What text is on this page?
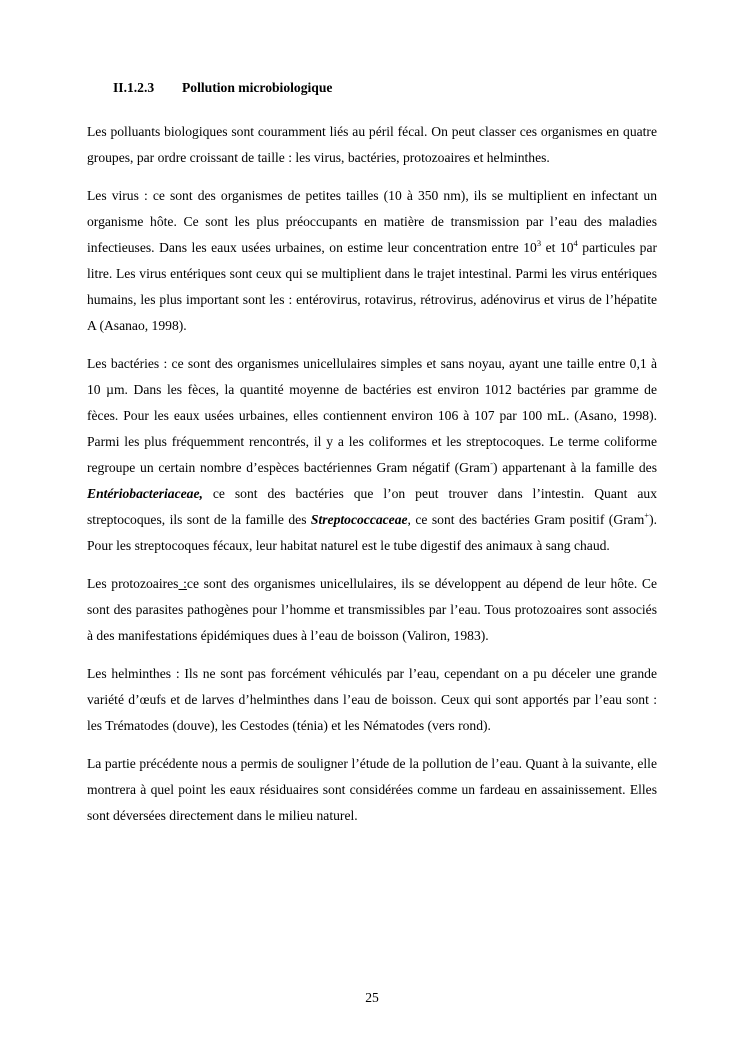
II.1.2.3 Pollution microbiologique

Les polluants biologiques sont couramment liés au péril fécal. On peut classer ces organismes en quatre groupes, par ordre croissant de taille : les virus, bactéries, protozoaires et helminthes.

Les virus : ce sont des organismes de petites tailles (10 à 350 nm), ils se multiplient en infectant un organisme hôte. Ce sont les plus préoccupants en matière de transmission par l’eau des maladies infectieuses. Dans les eaux usées urbaines, on estime leur concentration entre $10^3$ et $10^4$ particules par litre. Les virus entériques sont ceux qui se multiplient dans le trajet intestinal. Parmi les virus entériques humains, les plus important sont les : entérovirus, rotavirus, rétrovirus, adénovirus et virus de l’hépatite A (Asanao, 1998).

Les bactéries : ce sont des organismes unicellulaires simples et sans noyau, ayant une taille entre 0,1 à 10 µm. Dans les fèces, la quantité moyenne de bactéries est environ 1012 bactéries par gramme de fèces. Pour les eaux usées urbaines, elles contiennent environ 106 à 107 par 100 mL. (Asano, 1998). Parmi les plus fréquemment rencontrés, il y a les coliformes et les streptocoques. Le terme coliforme regroupe un certain nombre d’espèces bactériennes Gram négatif (Gram-) appartenant à la famille des Entériobacteriaceae, ce sont des bactéries que l’on peut trouver dans l’intestin. Quant aux streptocoques, ils sont de la famille des Streptococcaceae, ce sont des bactéries Gram positif (Gram+). Pour les streptocoques fécaux, leur habitat naturel est le tube digestif des animaux à sang chaud.

Les protozoaires :ce sont des organismes unicellulaires, ils se développent au dépend de leur hôte. Ce sont des parasites pathogènes pour l’homme et transmissibles par l’eau. Tous protozoaires sont associés à des manifestations épidémiques dues à l’eau de boisson (Valiron, 1983).

Les helminthes : Ils ne sont pas forcément véhiculés par l’eau, cependant on a pu déceler une grande variété d’œufs et de larves d’helminthes dans l’eau de boisson. Ceux qui sont apportés par l’eau sont : les Trématodes (douve), les Cestodes (ténia) et les Nématodes (vers rond).

La partie précédente nous a permis de souligner l’étude de la pollution de l’eau. Quant à la suivante, elle montrera à quel point les eaux résiduaires sont considérées comme un fardeau en assainissement. Elles sont déversées directement dans le milieu naturel.

25
